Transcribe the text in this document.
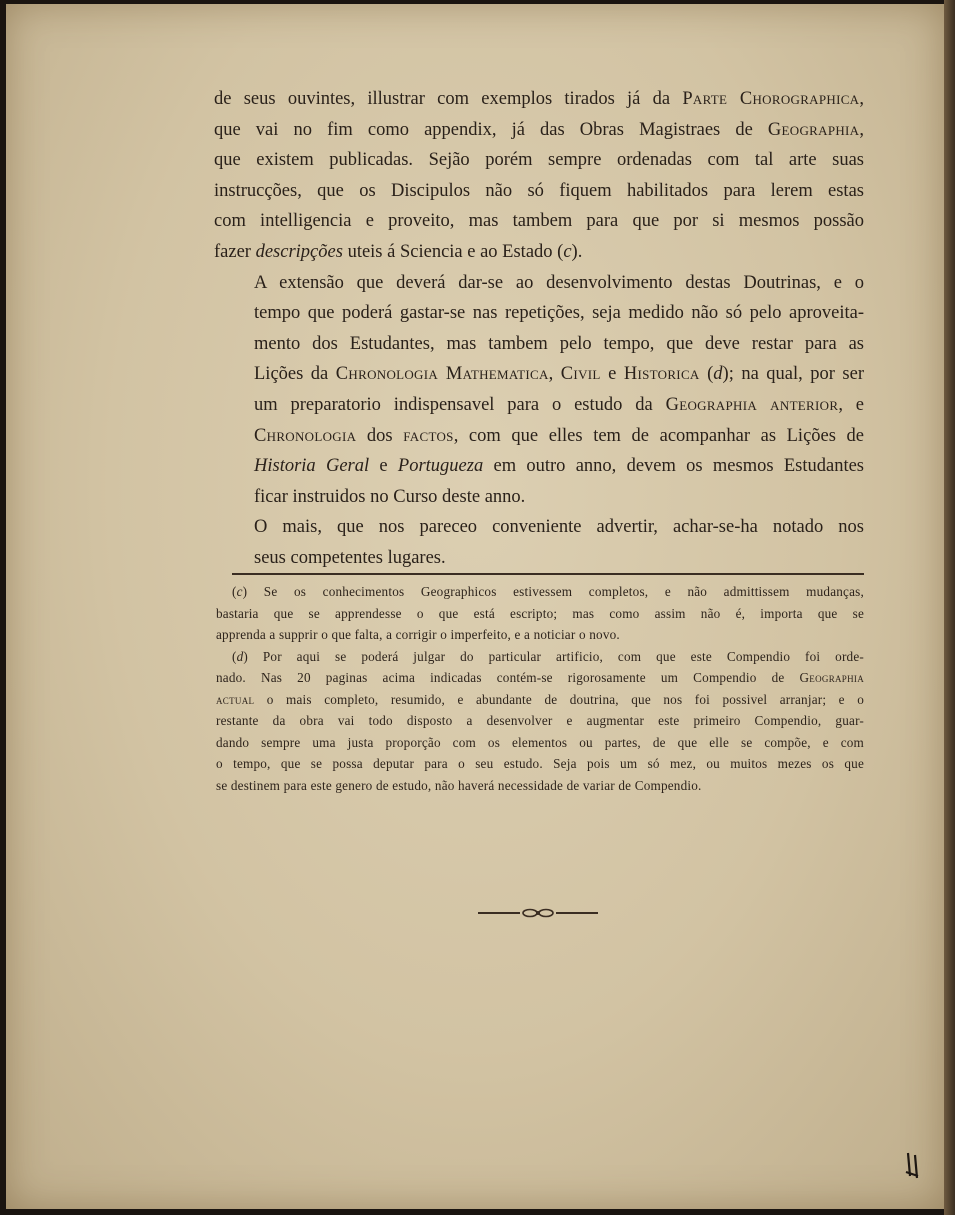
de seus ouvintes, illustrar com exemplos tirados já da Parte Chorographica,
que vai no fim como appendix, já das Obras Magistraes de Geographia,
que existem publicadas. Sejão porém sempre ordenadas com tal arte suas
instrucções, que os Discipulos não só fiquem habilitados para lerem estas
com intelligencia e proveito, mas tambem para que por si mesmos possão
fazer descripções uteis á Sciencia e ao Estado (c).

A extensão que deverá dar-se ao desenvolvimento destas Doutrinas, e o
tempo que poderá gastar-se nas repetições, seja medido não só pelo aproveita-
mento dos Estudantes, mas tambem pelo tempo, que deve restar para as
Lições da Chronologia Mathematica, Civil e Historica (d); na qual, por ser
um preparatorio indispensavel para o estudo da Geographia anterior, e
Chronologia dos factos, com que elles tem de acompanhar as Lições de
Historia Geral e Portugueza em outro anno, devem os mesmos Estudantes
ficar instruidos no Curso deste anno.

O mais, que nos pareceo conveniente advertir, achar-se-ha notado nos
seus competentes lugares.

(c) Se os conhecimentos Geographicos estivessem completos, e não admittissem mudanças,
bastaria que se apprendesse o que está escripto; mas como assim não é, importa que se
apprenda a supprir o que falta, a corrigir o imperfeito, e a noticiar o novo.

(d) Por aqui se poderá julgar do particular artificio, com que este Compendio foi orde-
nado. Nas 20 paginas acima indicadas contém-se rigorosamente um Compendio de Geographia
actual o mais completo, resumido, e abundante de doutrina, que nos foi possivel arranjar; e o
restante da obra vai todo disposto a desenvolver e augmentar este primeiro Compendio, guar-
dando sempre uma justa proporção com os elementos ou partes, de que elle se compõe, e com
o tempo, que se possa deputar para o seu estudo. Seja pois um só mez, ou muitos mezes os que
se destinem para este genero de estudo, não haverá necessidade de variar de Compendio.
